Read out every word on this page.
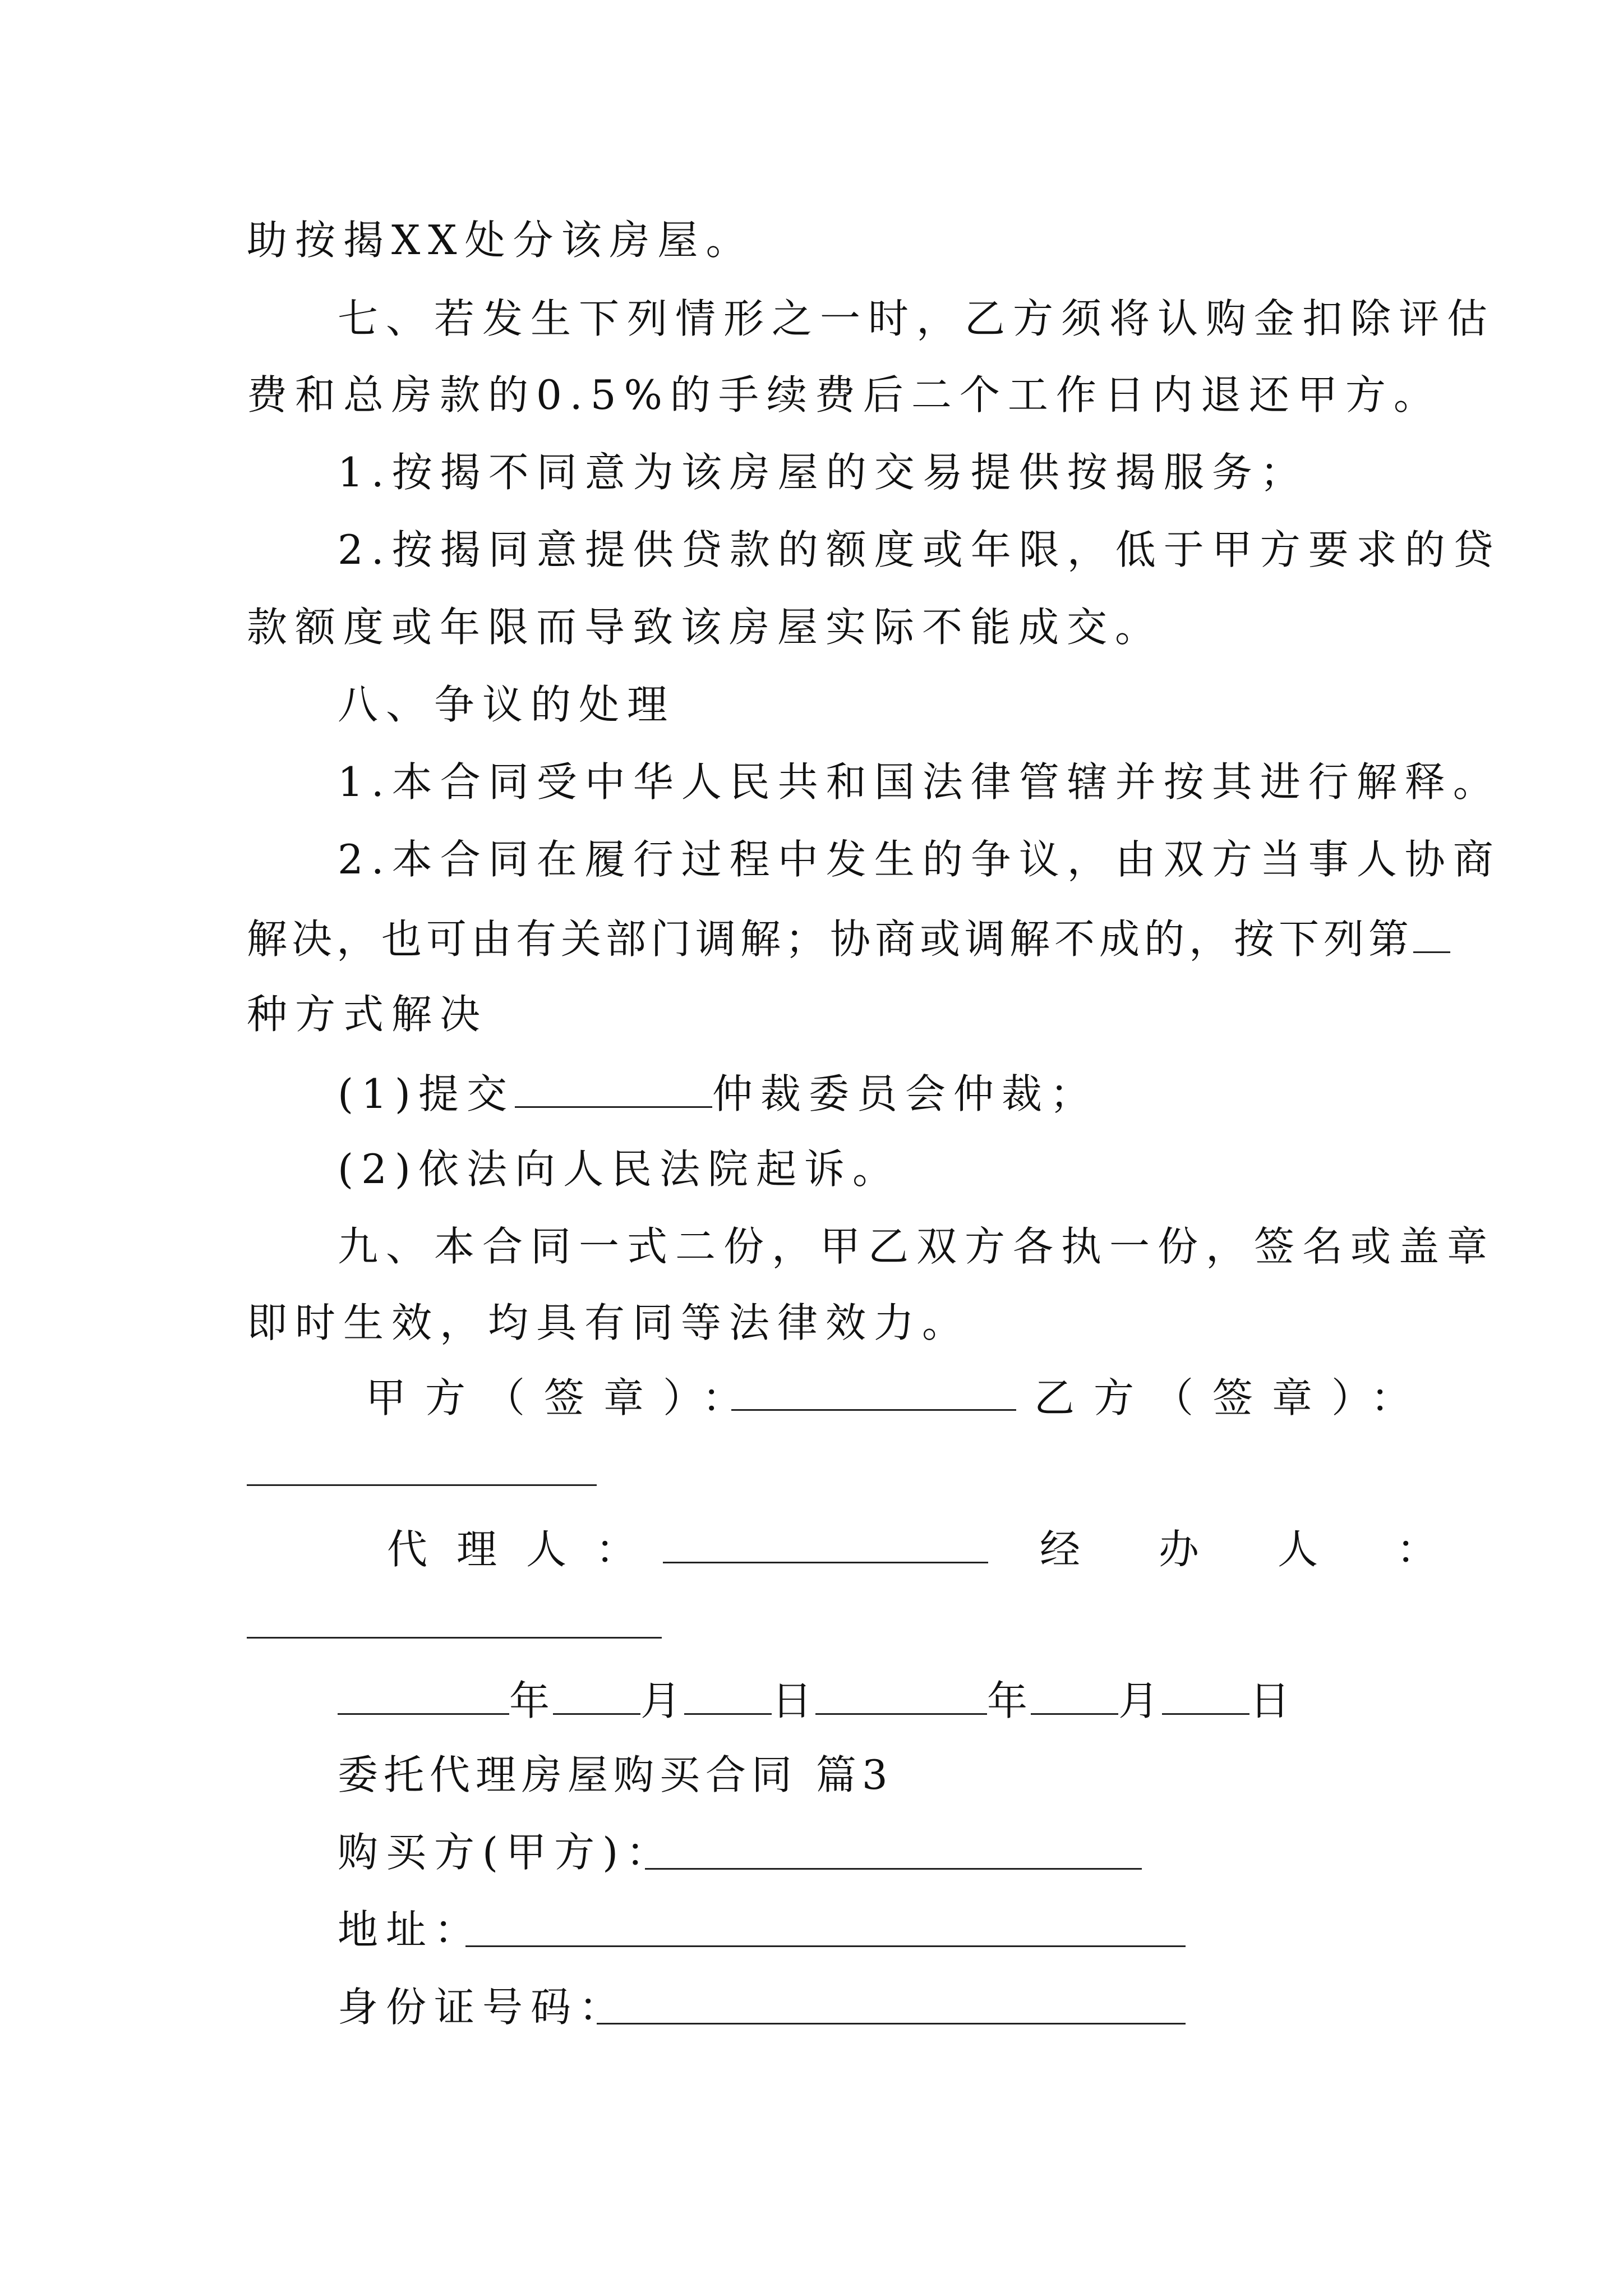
助按揭XX处分该房屋。
七、若发生下列情形之一时，乙方须将认购金扣除评估
费和总房款的0.5%的手续费后二个工作日内退还甲方。
1.按揭不同意为该房屋的交易提供按揭服务；
2.按揭同意提供贷款的额度或年限，低于甲方要求的贷
款额度或年限而导致该房屋实际不能成交。
八、争议的处理
1.本合同受中华人民共和国法律管辖并按其进行解释。
2.本合同在履行过程中发生的争议，由双方当事人协商
解决，也可由有关部门调解；协商或调解不成的，按下列第
种方式解决
(1)提交	仲裁委员会仲裁；
(2)依法向人民法院起诉。
九、本合同一式二份，甲乙双方各执一份，签名或盖章
即时生效，均具有同等法律效力。
甲方（签章）：	乙方（签章）：
代理人：	经办人：
年 月 日	年 月 日
委托代理房屋购买合同 篇3
购买方(甲方)：
地址：
身份证号码：
